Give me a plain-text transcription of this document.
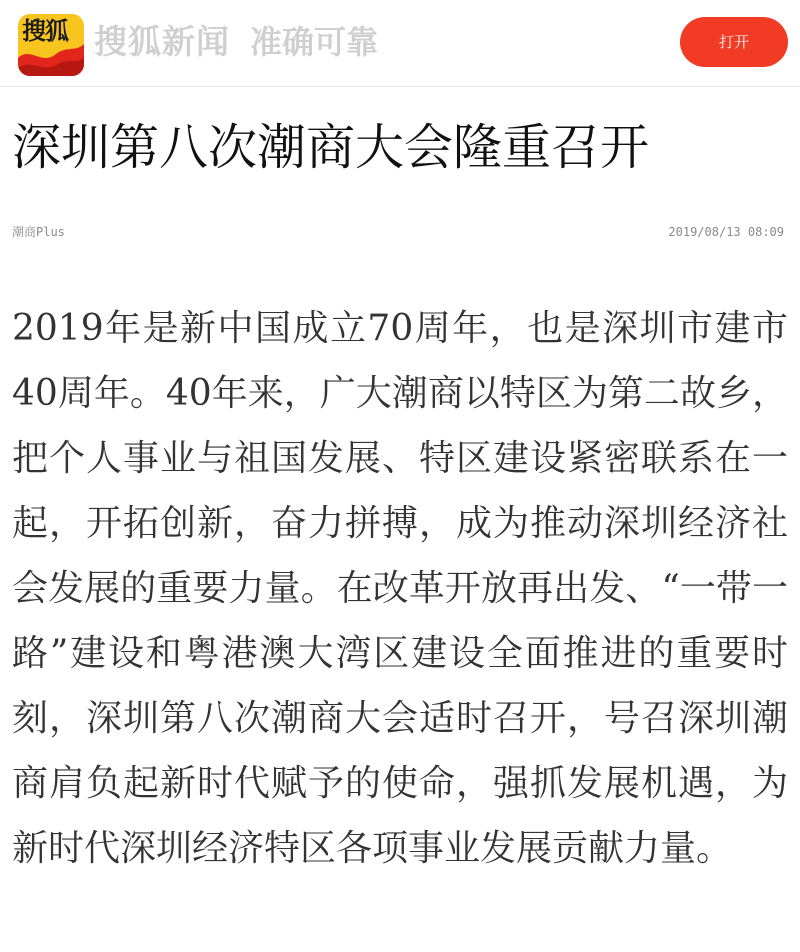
搜狐 搜狐新闻 准确可靠	打开
深圳第八次潮商大会隆重召开
潮商Plus	2019/08/13 08:09

2019年是新中国成立70周年，也是深圳市建市40周年。40年来，广大潮商以特区为第二故乡，把个人事业与祖国发展、特区建设紧密联系在一起，开拓创新，奋力拼搏，成为推动深圳经济社会发展的重要力量。在改革开放再出发、“一带一路”建设和粤港澳大湾区建设全面推进的重要时刻，深圳第八次潮商大会适时召开，号召深圳潮商肩负起新时代赋予的使命，强抓发展机遇，为新时代深圳经济特区各项事业发展贡献力量。
